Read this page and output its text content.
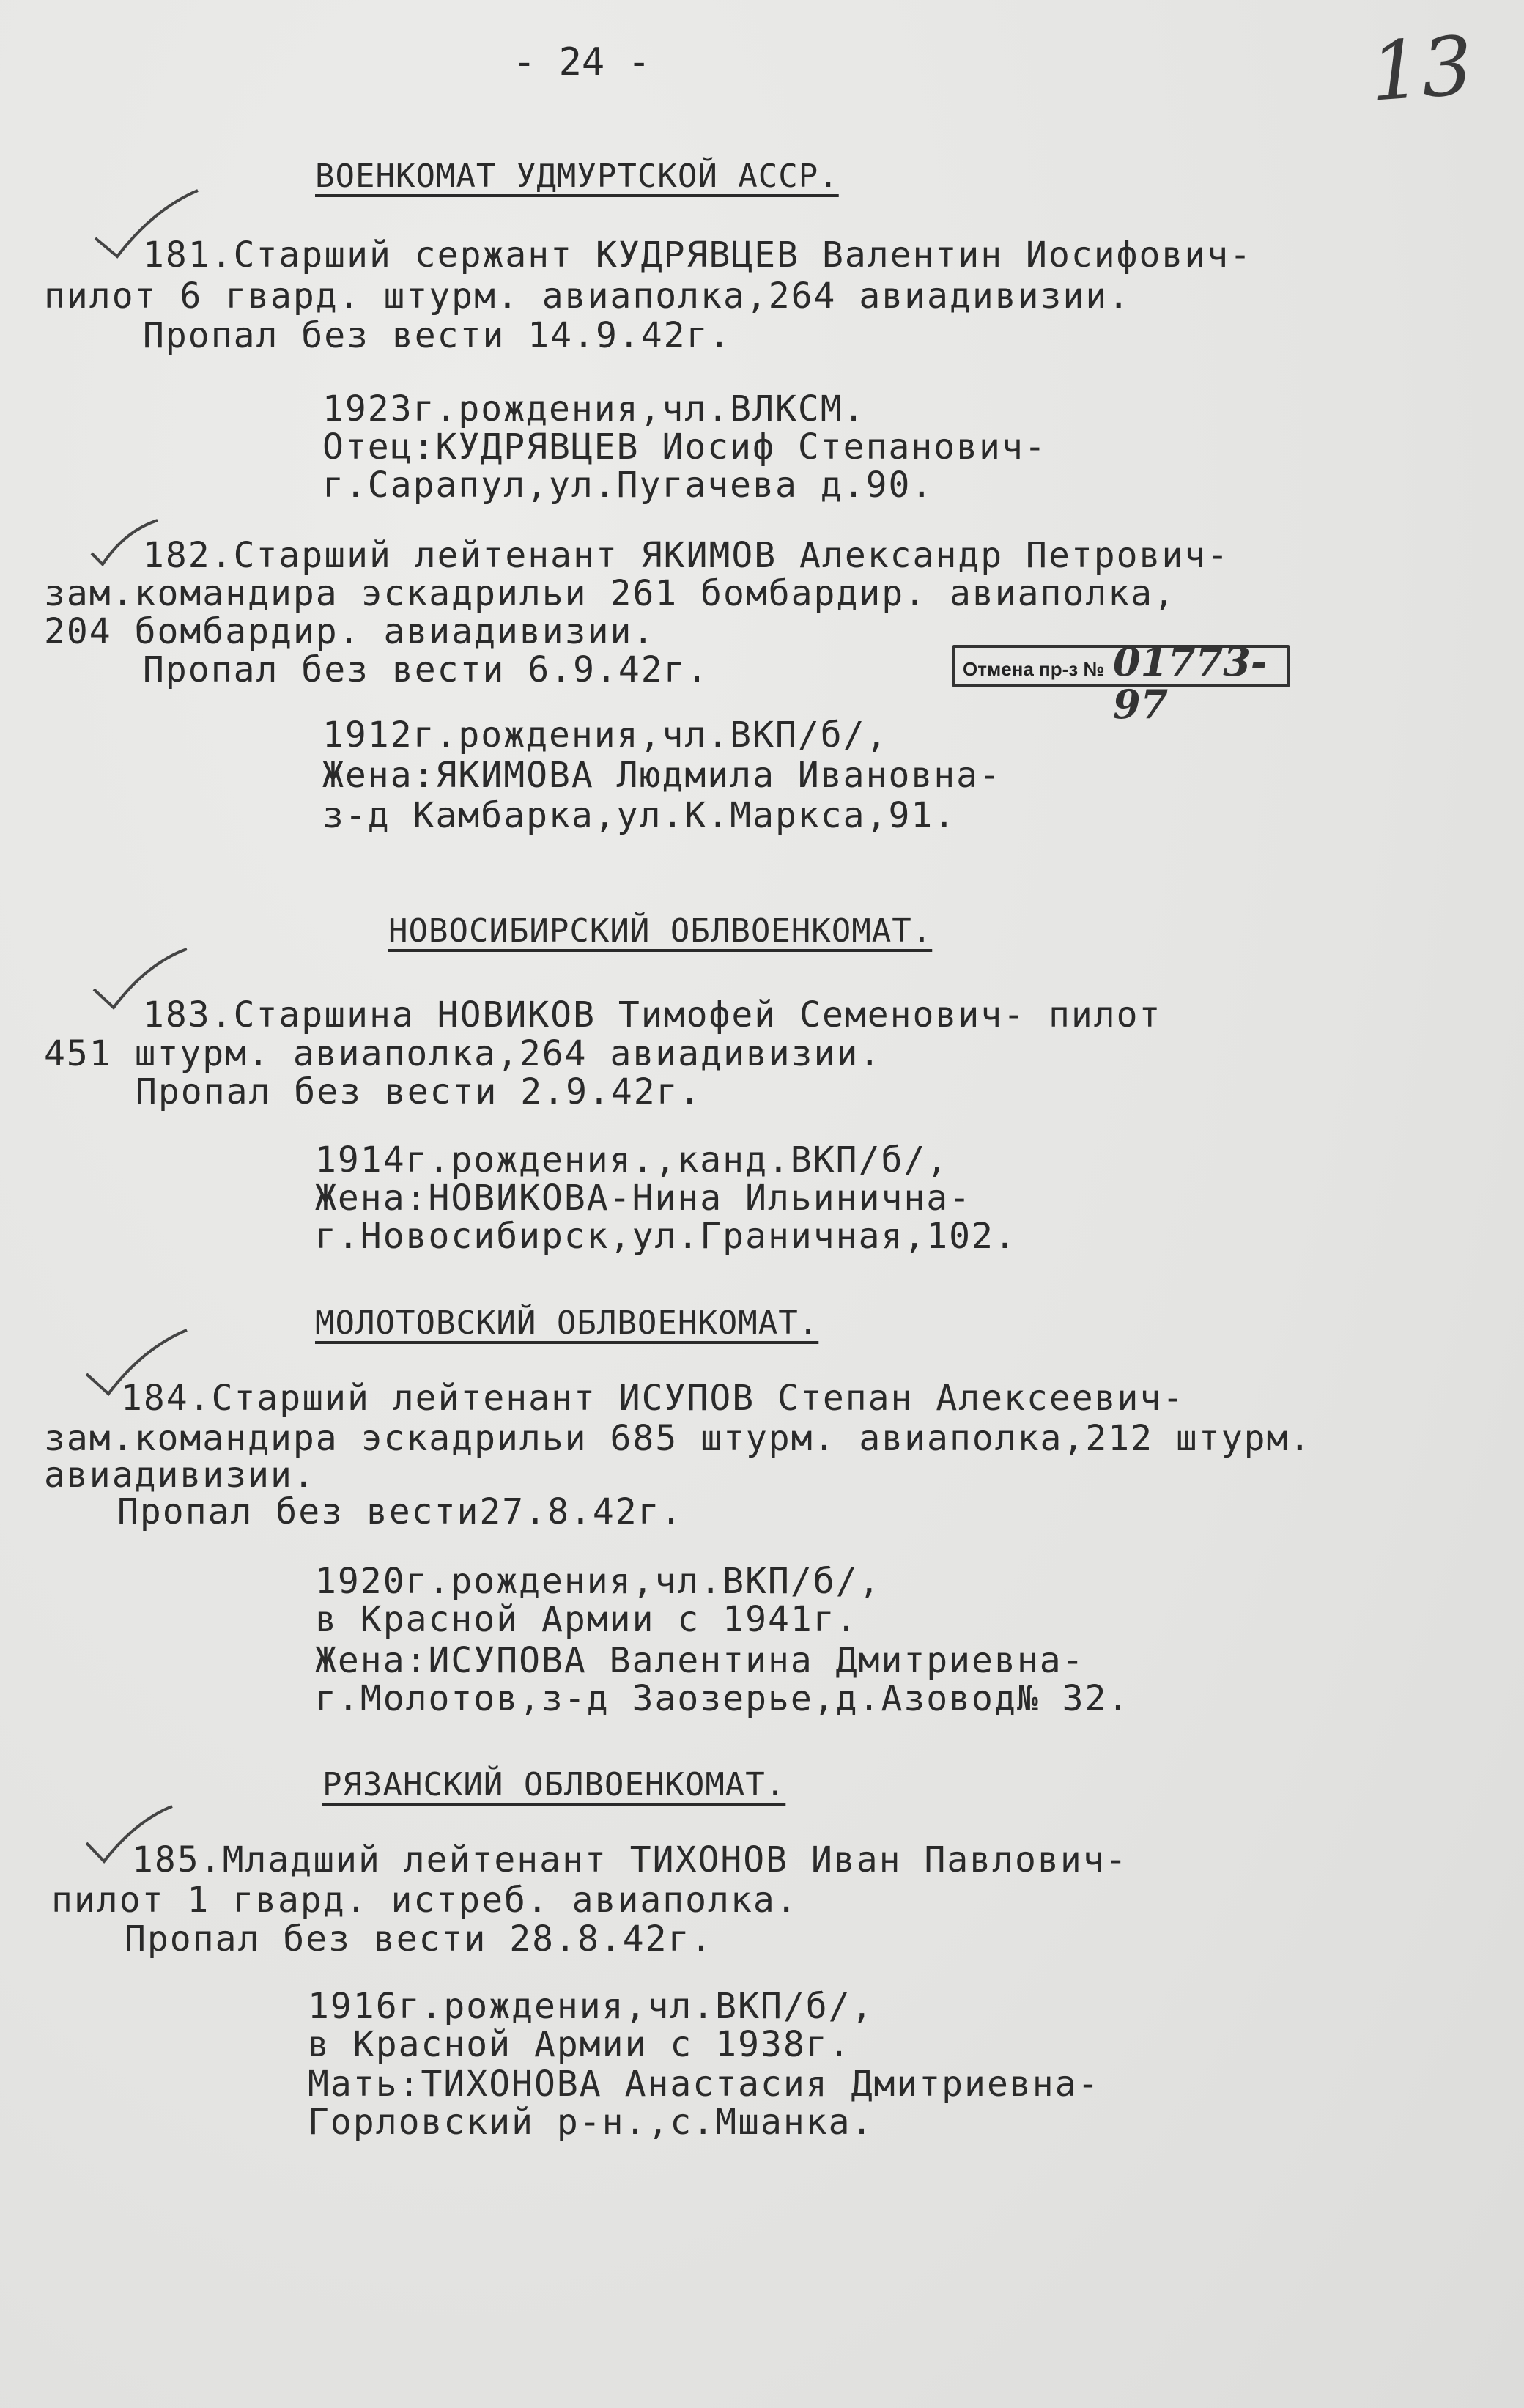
- 24 -	13
ВОЕНКОМАТ УДМУРТСКОЙ АССР.
181.Старший сержант КУДРЯВЦЕВ Валентин Иосифович-
пилот 6 гвард. штурм. авиаполка,264 авиадивизии.
Пропал без вести 14.9.42г.
1923г.рождения,чл.ВЛКСМ.
Отец:КУДРЯВЦЕВ Иосиф Степанович-
г.Сарапул,ул.Пугачева д.90.
182.Старший лейтенант ЯКИМОВ Александр Петрович-
зам.командира эскадрильи 261 бомбардир. авиаполка,
204 бомбардир. авиадивизии.
Пропал без вести 6.9.42г.	Отмена пр-з № 01773-97
1912г.рождения,чл.ВКП/б/,
Жена:ЯКИМОВА Людмила Ивановна-
з-д Камбарка,ул.К.Маркса,91.
НОВОСИБИРСКИЙ ОБЛВОЕНКОМАТ.
183.Старшина НОВИКОВ Тимофей Семенович- пилот
451 штурм. авиаполка,264 авиадивизии.
Пропал без вести 2.9.42г.
1914г.рождения.,канд.ВКП/б/,
Жена:НОВИКОВА-Нина Ильинична-
г.Новосибирск,ул.Граничная,102.
МОЛОТОВСКИЙ ОБЛВОЕНКОМАТ.
184.Старший лейтенант ИСУПОВ Степан Алексеевич-
зам.командира эскадрильи 685 штурм. авиаполка,212 штурм.
авиадивизии.
Пропал без вести27.8.42г.
1920г.рождения,чл.ВКП/б/,
в Красной Армии с 1941г.
Жена:ИСУПОВА Валентина Дмитриевна-
г.Молотов,з-д Заозерье,д.Азовод№ 32.
РЯЗАНСКИЙ ОБЛВОЕНКОМАТ.
185.Младший лейтенант ТИХОНОВ Иван Павлович-
пилот 1 гвард. истреб. авиаполка.
Пропал без вести 28.8.42г.
1916г.рождения,чл.ВКП/б/,
в Красной Армии с 1938г.
Мать:ТИХОНОВА Анастасия Дмитриевна-
Горловский р-н.,с.Мшанка.
